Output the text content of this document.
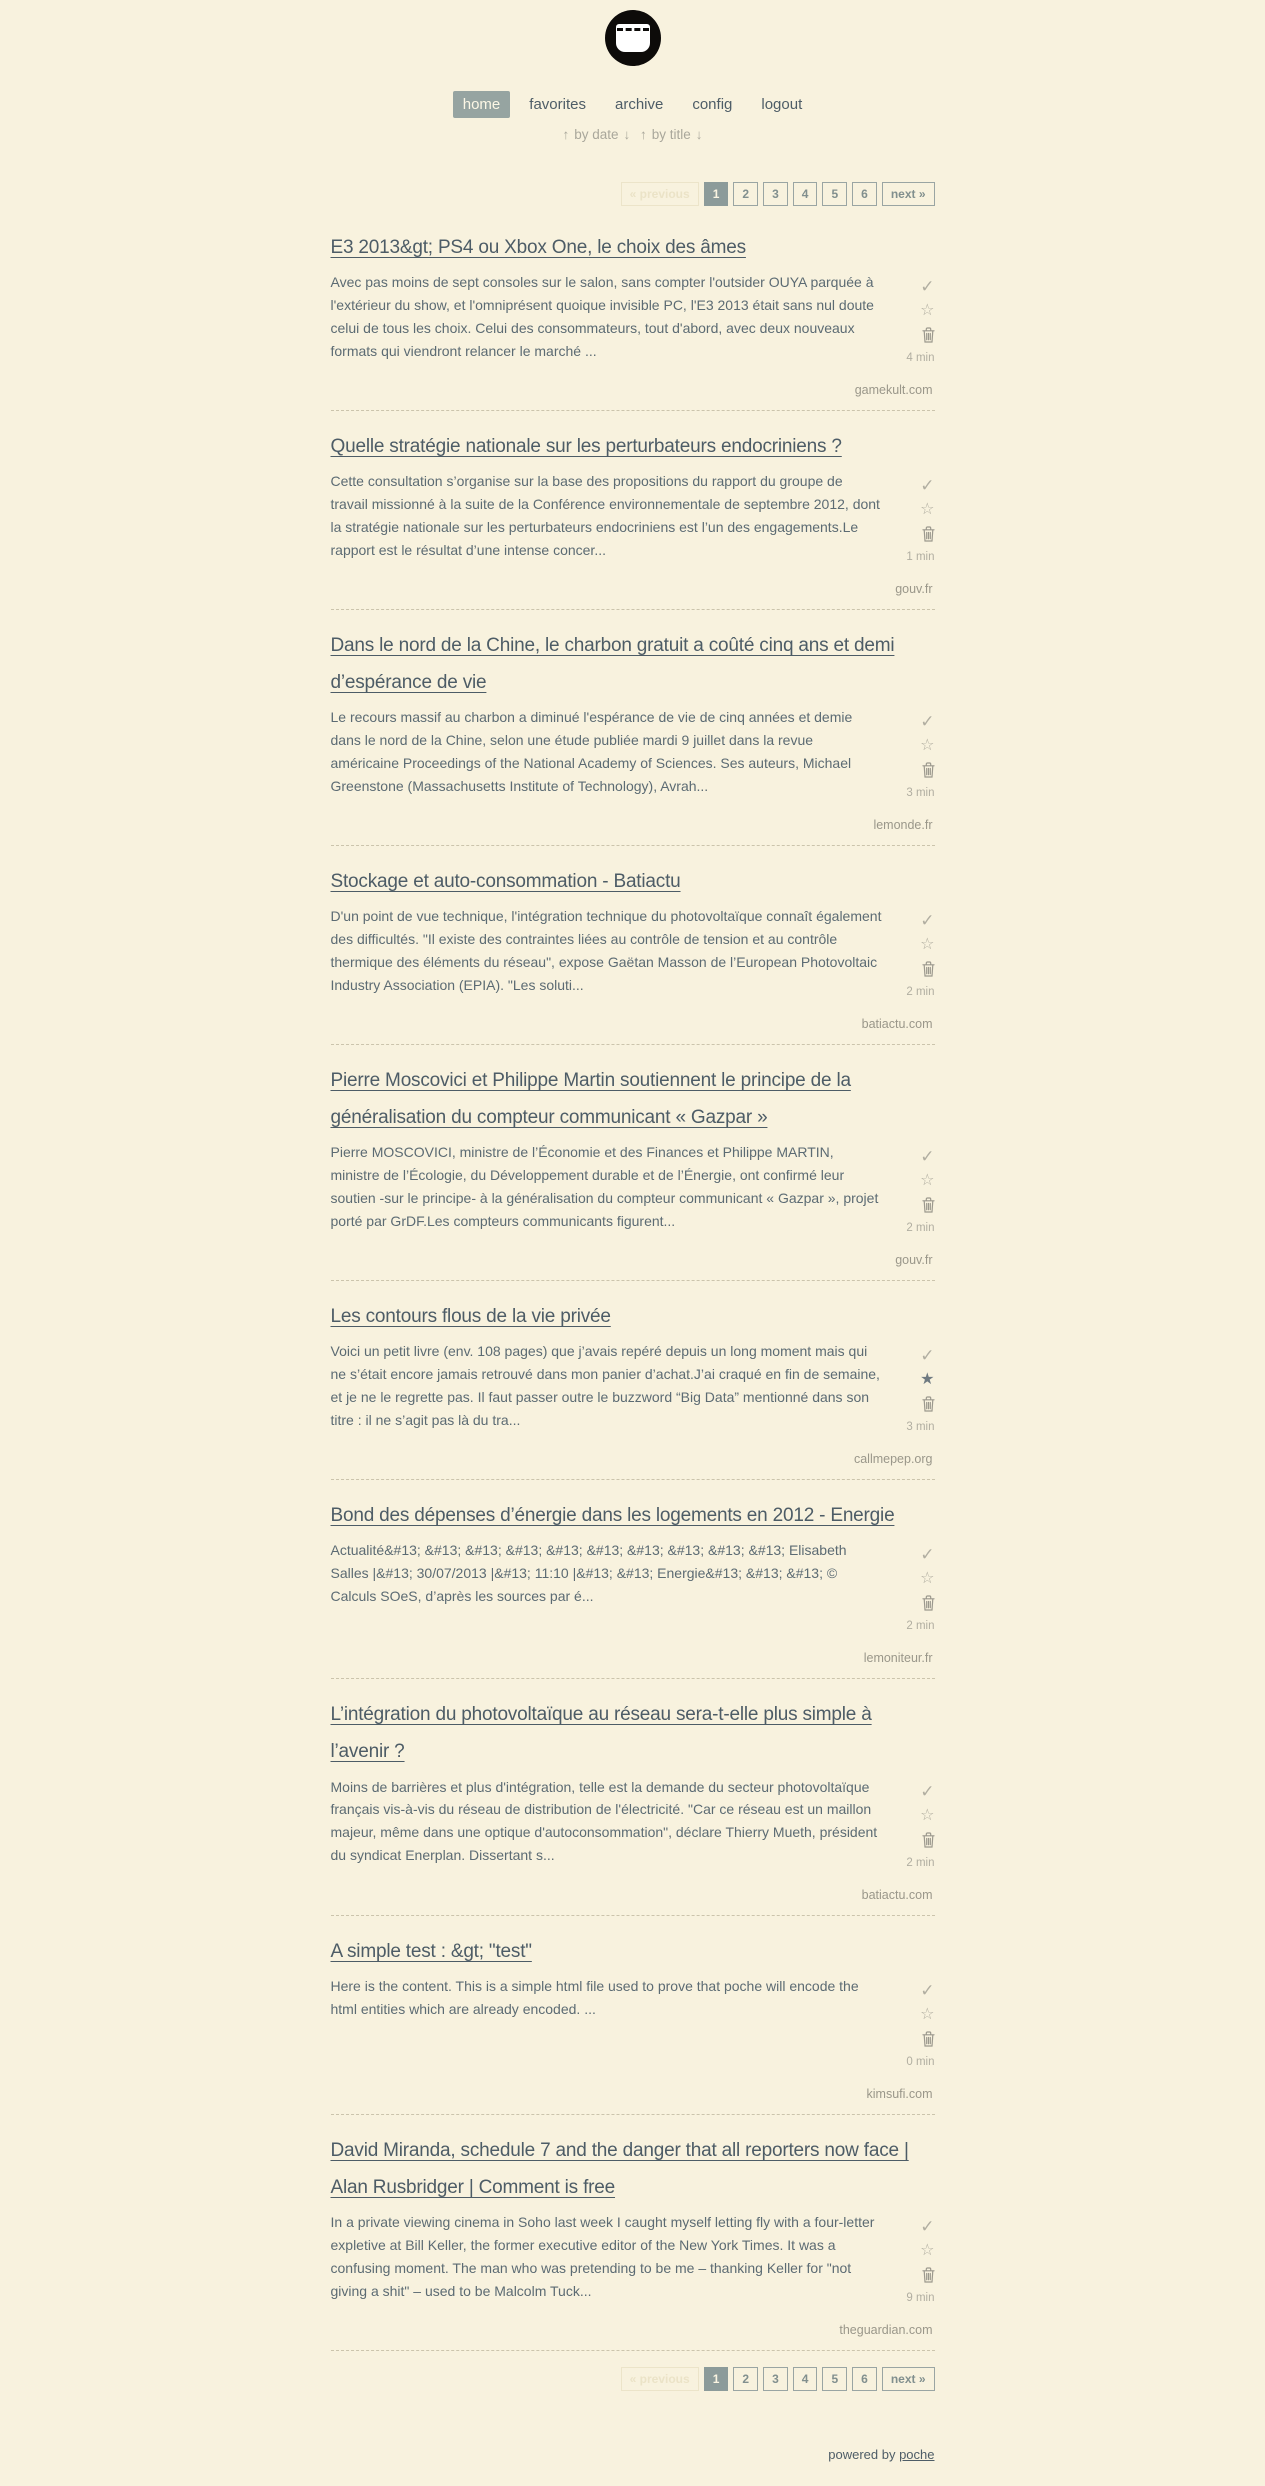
home	favorites	archive	config	logout
↑ by date ↓ ↑ by title ↓
« previous 1 2 3 4 5 6 next »
E3 2013&gt; PS4 ou Xbox One, le choix des âmes

Avec pas moins de sept consoles sur le salon, sans compter l'outsider OUYA parquée à l'extérieur du show, et l'omniprésent quoique invisible PC, l'E3 2013 était sans nul doute celui de tous les choix. Celui des consommateurs, tout d'abord, avec deux nouveaux formats qui viendront relancer le marché ...

✓
☆
4 min
gamekult.com
Quelle stratégie nationale sur les perturbateurs endocriniens ?

Cette consultation s’organise sur la base des propositions du rapport du groupe de travail missionné à la suite de la Conférence environnementale de septembre 2012, dont la stratégie nationale sur les perturbateurs endocriniens est l’un des engagements.Le rapport est le résultat d’une intense concer...

✓
☆
1 min
gouv.fr
Dans le nord de la Chine, le charbon gratuit a coûté cinq ans et demi d’espérance de vie

Le recours massif au charbon a diminué l'espérance de vie de cinq années et demie dans le nord de la Chine, selon une étude publiée mardi 9 juillet dans la revue américaine Proceedings of the National Academy of Sciences. Ses auteurs, Michael Greenstone (Massachusetts Institute of Technology), Avrah...

✓
☆
3 min
lemonde.fr
Stockage et auto-consommation - Batiactu

D'un point de vue technique, l'intégration technique du photovoltaïque connaît également des difficultés. "Il existe des contraintes liées au contrôle de tension et au contrôle thermique des éléments du réseau", expose Gaëtan Masson de l’European Photovoltaic Industry Association (EPIA). "Les soluti...

✓
☆
2 min
batiactu.com
Pierre Moscovici et Philippe Martin soutiennent le principe de la généralisation du compteur communicant « Gazpar »

Pierre MOSCOVICI, ministre de l’Économie et des Finances et Philippe MARTIN, ministre de l’Écologie, du Développement durable et de l’Énergie, ont confirmé leur soutien -sur le principe- à la généralisation du compteur communicant « Gazpar », projet porté par GrDF.Les compteurs communicants figurent...

✓
☆
2 min
gouv.fr
Les contours flous de la vie privée

Voici un petit livre (env. 108 pages) que j’avais repéré depuis un long moment mais qui ne s’était encore jamais retrouvé dans mon panier d’achat.J’ai craqué en fin de semaine, et je ne le regrette pas. Il faut passer outre le buzzword “Big Data” mentionné dans son titre : il ne s’agit pas là du tra...

✓
★
3 min
callmepep.org
Bond des dépenses d’énergie dans les logements en 2012 - Energie

Actualité&#13; &#13; &#13; &#13; &#13; &#13; &#13; &#13; &#13; &#13; Elisabeth Salles |&#13; 30/07/2013 |&#13; 11:10 |&#13; &#13; Energie&#13; &#13; &#13; © Calculs SOeS, d’après les sources par é...

✓
☆
2 min
lemoniteur.fr
L’intégration du photovoltaïque au réseau sera-t-elle plus simple à l’avenir ?

Moins de barrières et plus d'intégration, telle est la demande du secteur photovoltaïque français vis-à-vis du réseau de distribution de l'électricité. "Car ce réseau est un maillon majeur, même dans une optique d'autoconsommation", déclare Thierry Mueth, président du syndicat Enerplan. Dissertant s...

✓
☆
2 min
batiactu.com
A simple test : &gt; "test"

Here is the content. This is a simple html file used to prove that poche will encode the html entities which are already encoded. ...

✓
☆
0 min
kimsufi.com
David Miranda, schedule 7 and the danger that all reporters now face | Alan Rusbridger | Comment is free

In a private viewing cinema in Soho last week I caught myself letting fly with a four-letter expletive at Bill Keller, the former executive editor of the New York Times. It was a confusing moment. The man who was pretending to be me – thanking Keller for "not giving a shit" – used to be Malcolm Tuck...

✓
☆
9 min
theguardian.com
« previous 1 2 3 4 5 6 next »
powered by poche
